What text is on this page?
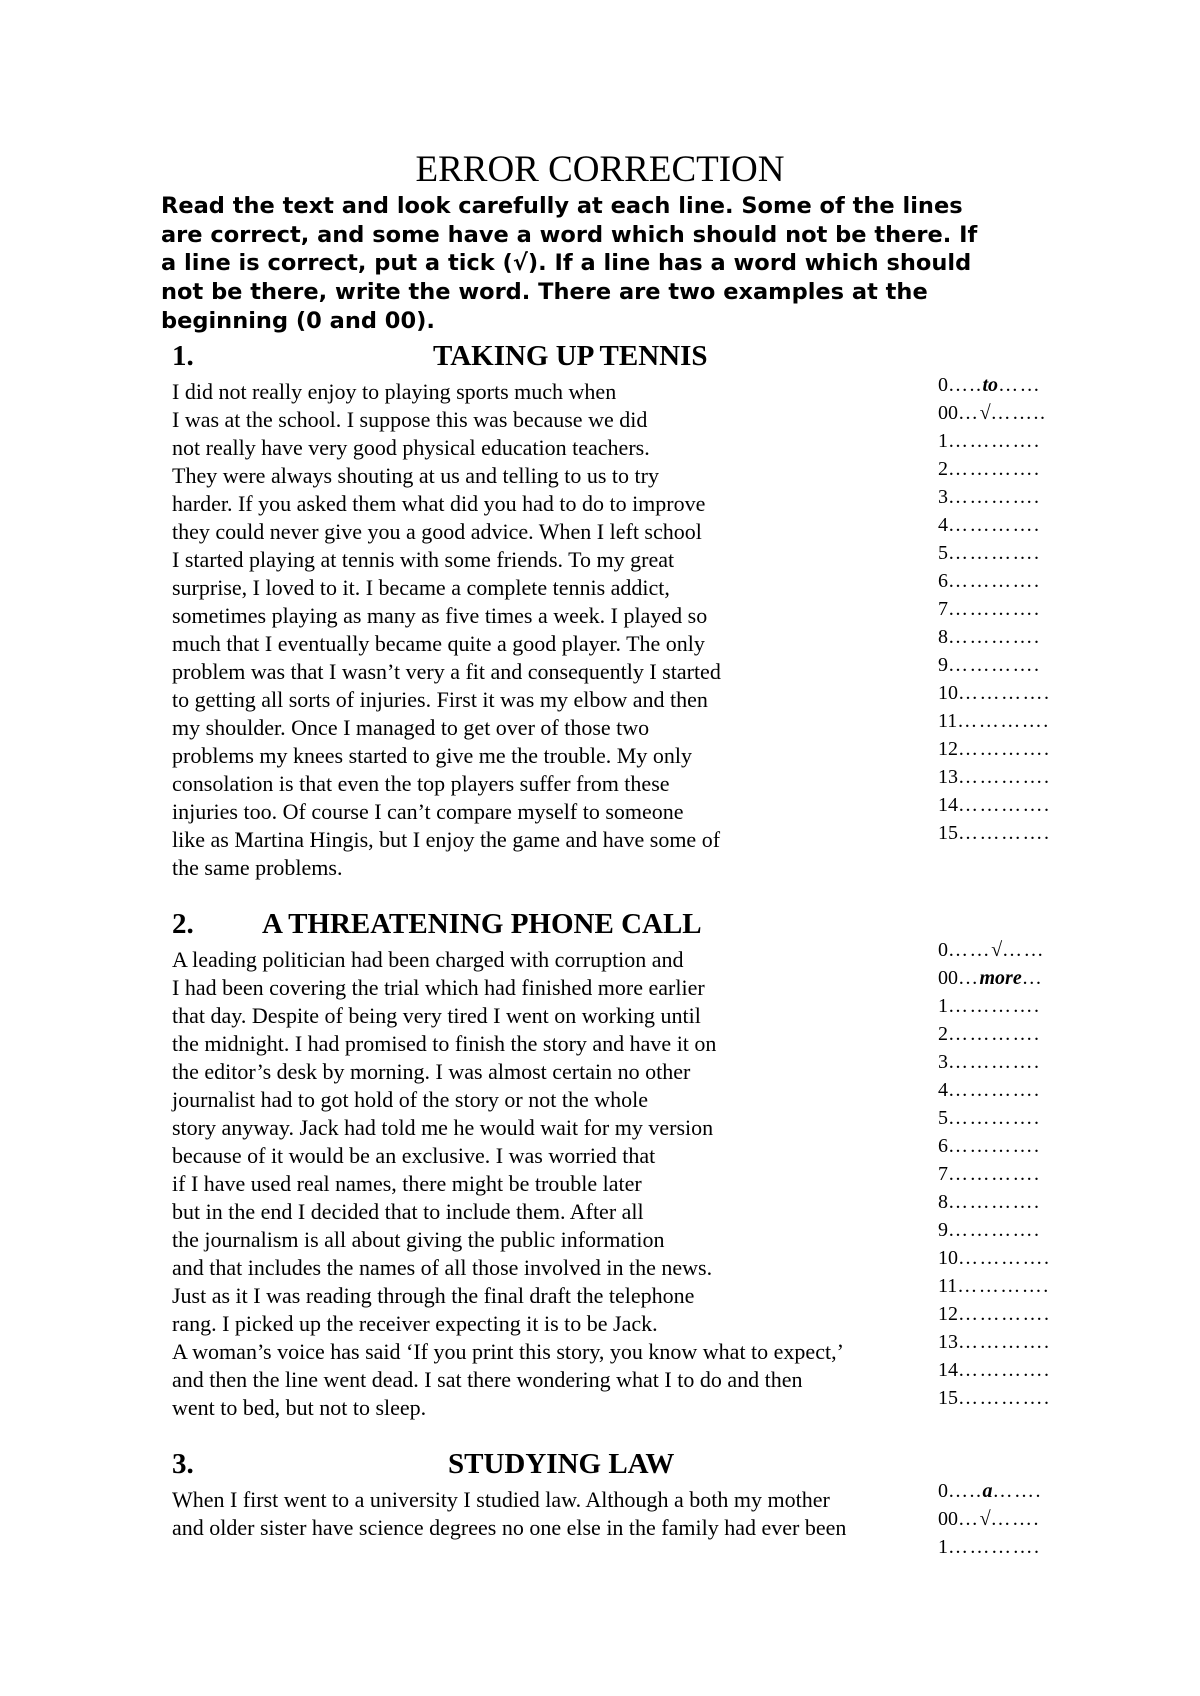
ERROR CORRECTION
Read the text and look carefully at each line. Some of the lines
are correct, and some have a word which should not be there. If
a line is correct, put a tick (√). If a line has a word which should
not be there, write the word. There are two examples at the
beginning (0 and 00).
1.	TAKING UP TENNIS
I did not really enjoy to playing sports much when
I was at the school. I suppose this was because we did
not really have very good physical education teachers.
They were always shouting at us and telling to us to try
harder. If you asked them what did you had to do to improve
they could never give you a good advice. When I left school
I started playing at tennis with some friends. To my great
surprise, I loved to it. I became a complete tennis addict,
sometimes playing as many as five times a week. I played so
much that I eventually became quite a good player. The only
problem was that I wasn’t very a fit and consequently I started
to getting all sorts of injuries. First it was my elbow and then
my shoulder. Once I managed to get over of those two
problems my knees started to give me the trouble. My only
consolation is that even the top players suffer from these
injuries too. Of course I can’t compare myself to someone
like as Martina Hingis, but I enjoy the game and have some of
the same problems.
0…..to……
00…√……..
1………….
2………….
3………….
4………….
5………….
6………….
7………….
8………….
9………….
10………….
11………….
12………….
13………….
14………….
15………….
2. A THREATENING PHONE CALL
A leading politician had been charged with corruption and
I had been covering the trial which had finished more earlier
that day. Despite of being very tired I went on working until
the midnight. I had promised to finish the story and have it on
the editor’s desk by morning. I was almost certain no other
journalist had to got hold of the story or not the whole
story anyway. Jack had told me he would wait for my version
because of it would be an exclusive. I was worried that
if I have used real names, there might be trouble later
but in the end I decided that to include them. After all
the journalism is all about giving the public information
and that includes the names of all those involved in the news.
Just as it I was reading through the final draft the telephone
rang. I picked up the receiver expecting it is to be Jack.
A woman’s voice has said ‘If you print this story, you know what to expect,’
and then the line went dead. I sat there wondering what I to do and then
went to bed, but not to sleep.
0……√……
00…more…
1………….
2………….
3………….
4………….
5………….
6………….
7………….
8………….
9………….
10………….
11………….
12………….
13………….
14………….
15………….
3.	STUDYING LAW
When I first went to a university I studied law. Although a both my mother
and older sister have science degrees no one else in the family had ever been
0…..a…….
00…√…….
1………….
